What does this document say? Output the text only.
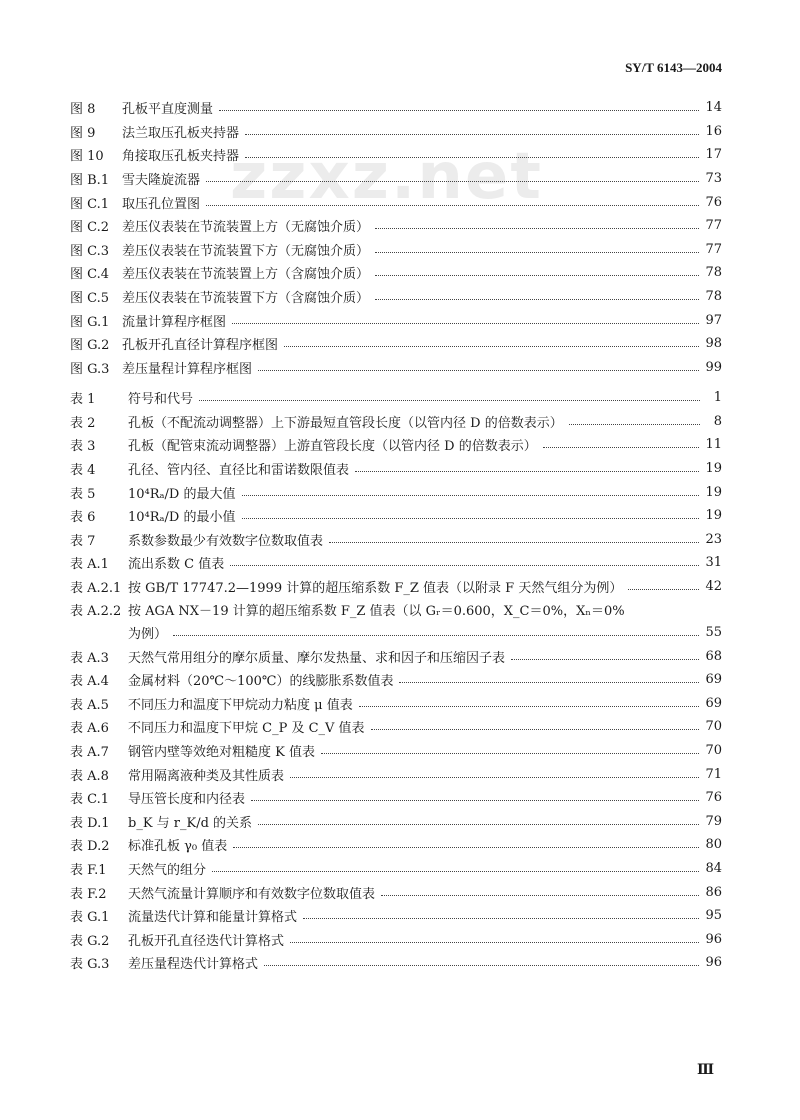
SY/T 6143—2004
zzxz.net
图 8	孔板平直度测量	14
图 9	法兰取压孔板夹持器	16
图 10	角接取压孔板夹持器	17
图 B.1 雪夫隆旋流器	73
图 C.1 取压孔位置图	76
图 C.2 差压仪表装在节流装置上方（无腐蚀介质）	77
图 C.3 差压仪表装在节流装置下方（无腐蚀介质）	77
图 C.4 差压仪表装在节流装置上方（含腐蚀介质）	78
图 C.5 差压仪表装在节流装置下方（含腐蚀介质）	78
图 G.1 流量计算程序框图	97
图 G.2 孔板开孔直径计算程序框图	98
图 G.3 差压量程计算程序框图	99
表 1	符号和代号	1
表 2	孔板（不配流动调整器）上下游最短直管段长度（以管内径 D 的倍数表示）	8
表 3	孔板（配管束流动调整器）上游直管段长度（以管内径 D 的倍数表示）	11
表 4	孔径、管内径、直径比和雷诺数限值表	19
表 5	10⁴Rₐ/D 的最大值	19
表 6	10⁴Rₐ/D 的最小值	19
表 7	系数参数最少有效数字位数取值表	23
表 A.1	流出系数 C 值表	31
表 A.2.1 按 GB/T 17747.2—1999 计算的超压缩系数 F_Z 值表（以附录 F 天然气组分为例）	42
表 A.2.2 按 AGA NX－19 计算的超压缩系数 F_Z 值表（以 Gᵣ＝0.600，X_C＝0%，Xₙ＝0%
为例）	55
表 A.3	天然气常用组分的摩尔质量、摩尔发热量、求和因子和压缩因子表	68
表 A.4	金属材料（20℃～100℃）的线膨胀系数值表	69
表 A.5	不同压力和温度下甲烷动力粘度 μ 值表	69
表 A.6	不同压力和温度下甲烷 C_P 及 C_V 值表	70
表 A.7	钢管内壁等效绝对粗糙度 K 值表	70
表 A.8	常用隔离液种类及其性质表	71
表 C.1	导压管长度和内径表	76
表 D.1	b_K 与 r_K/d 的关系	79
表 D.2	标准孔板 γ₀ 值表	80
表 F.1	天然气的组分	84
表 F.2	天然气流量计算顺序和有效数字位数取值表	86
表 G.1	流量迭代计算和能量计算格式	95
表 G.2	孔板开孔直径迭代计算格式	96
表 G.3	差压量程迭代计算格式	96
Ⅲ
